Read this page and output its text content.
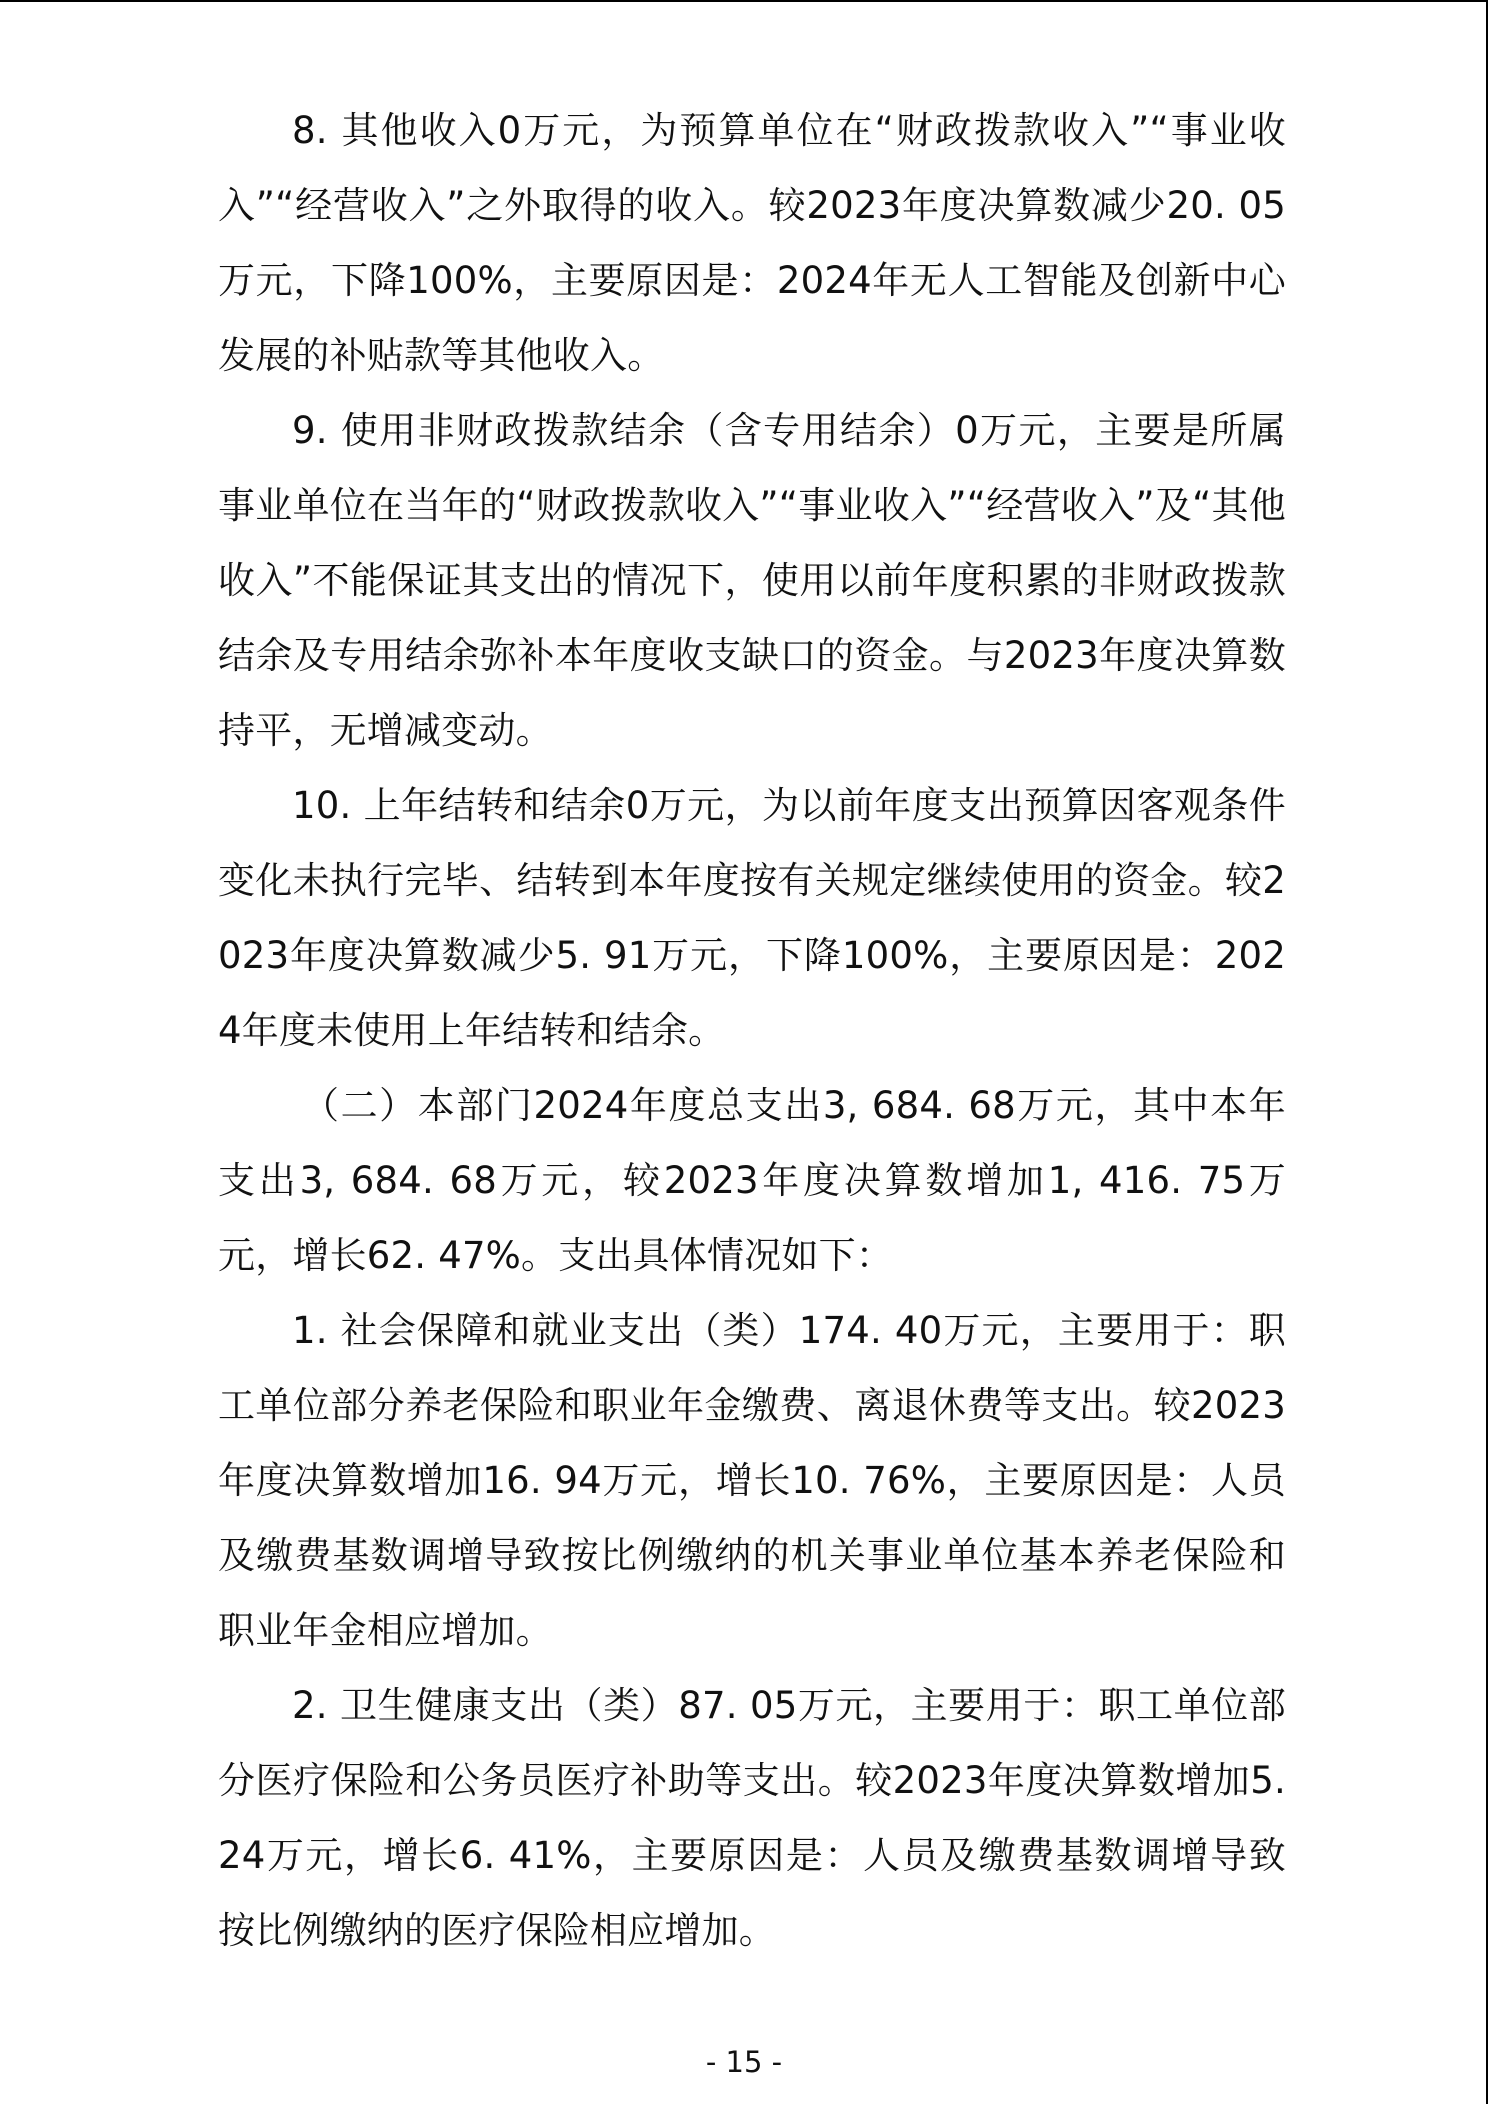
8. 其他收入0万元，为预算单位在“财政拨款收入”“事业收入”“经营收入”之外取得的收入。较2023年度决算数减少20. 05万元，下降100%，主要原因是：2024年无人工智能及创新中心发展的补贴款等其他收入。

9. 使用非财政拨款结余（含专用结余）0万元，主要是所属事业单位在当年的“财政拨款收入”“事业收入”“经营收入”及“其他收入”不能保证其支出的情况下，使用以前年度积累的非财政拨款结余及专用结余弥补本年度收支缺口的资金。与2023年度决算数持平，无增减变动。

10. 上年结转和结余0万元，为以前年度支出预算因客观条件变化未执行完毕、结转到本年度按有关规定继续使用的资金。较2023年度决算数减少5. 91万元，下降100%，主要原因是：2024年度未使用上年结转和结余。

（二）本部门2024年度总支出3, 684. 68万元，其中本年支出3, 684. 68万元，较2023年度决算数增加1, 416. 75万元，增长62. 47%。支出具体情况如下：

1. 社会保障和就业支出（类）174. 40万元，主要用于：职工单位部分养老保险和职业年金缴费、离退休费等支出。较2023年度决算数增加16. 94万元，增长10. 76%，主要原因是：人员及缴费基数调增导致按比例缴纳的机关事业单位基本养老保险和职业年金相应增加。

2. 卫生健康支出（类）87. 05万元，主要用于：职工单位部分医疗保险和公务员医疗补助等支出。较2023年度决算数增加5. 24万元，增长6. 41%，主要原因是：人员及缴费基数调增导致按比例缴纳的医疗保险相应增加。

- 15 -
